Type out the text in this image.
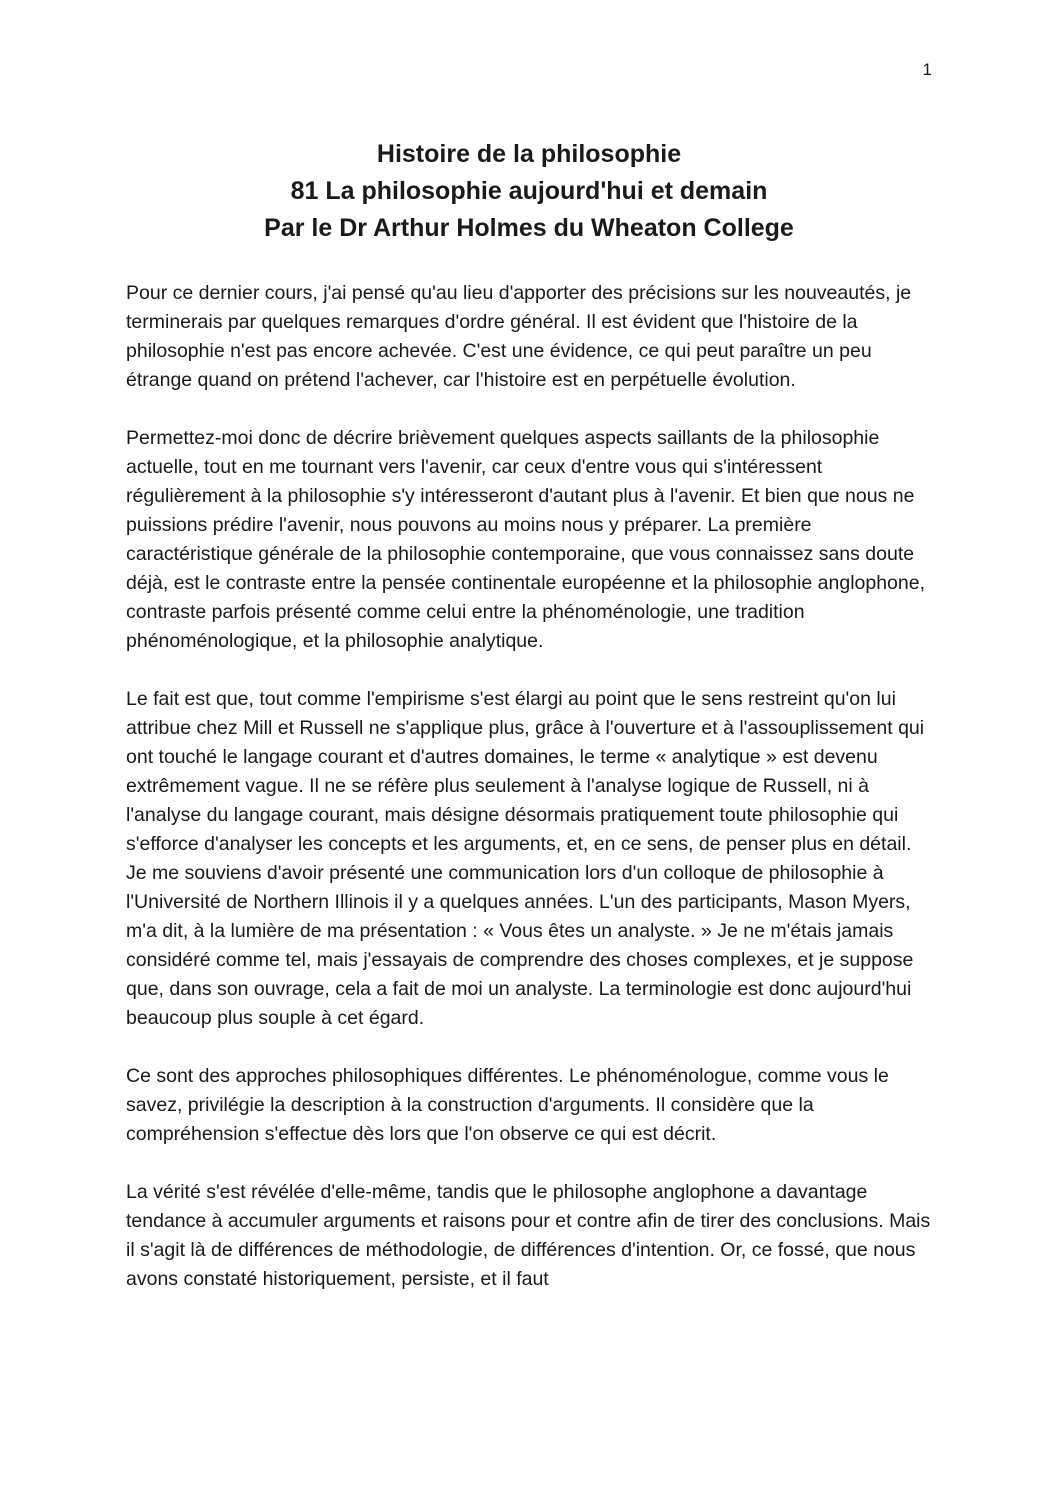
1
Histoire de la philosophie
81 La philosophie aujourd'hui et demain
Par le Dr Arthur Holmes du Wheaton College

Pour ce dernier cours, j'ai pensé qu'au lieu d'apporter des précisions sur les nouveautés, je terminerais par quelques remarques d'ordre général. Il est évident que l'histoire de la philosophie n'est pas encore achevée. C'est une évidence, ce qui peut paraître un peu étrange quand on prétend l'achever, car l'histoire est en perpétuelle évolution.

Permettez-moi donc de décrire brièvement quelques aspects saillants de la philosophie actuelle, tout en me tournant vers l'avenir, car ceux d'entre vous qui s'intéressent régulièrement à la philosophie s'y intéresseront d'autant plus à l'avenir. Et bien que nous ne puissions prédire l'avenir, nous pouvons au moins nous y préparer. La première caractéristique générale de la philosophie contemporaine, que vous connaissez sans doute déjà, est le contraste entre la pensée continentale européenne et la philosophie anglophone, contraste parfois présenté comme celui entre la phénoménologie, une tradition phénoménologique, et la philosophie analytique.

Le fait est que, tout comme l'empirisme s'est élargi au point que le sens restreint qu'on lui attribue chez Mill et Russell ne s'applique plus, grâce à l'ouverture et à l'assouplissement qui ont touché le langage courant et d'autres domaines, le terme « analytique » est devenu extrêmement vague. Il ne se réfère plus seulement à l'analyse logique de Russell, ni à l'analyse du langage courant, mais désigne désormais pratiquement toute philosophie qui s'efforce d'analyser les concepts et les arguments, et, en ce sens, de penser plus en détail. Je me souviens d'avoir présenté une communication lors d'un colloque de philosophie à l'Université de Northern Illinois il y a quelques années. L'un des participants, Mason Myers, m'a dit, à la lumière de ma présentation : « Vous êtes un analyste. » Je ne m'étais jamais considéré comme tel, mais j'essayais de comprendre des choses complexes, et je suppose que, dans son ouvrage, cela a fait de moi un analyste. La terminologie est donc aujourd'hui beaucoup plus souple à cet égard.

Ce sont des approches philosophiques différentes. Le phénoménologue, comme vous le savez, privilégie la description à la construction d'arguments. Il considère que la compréhension s'effectue dès lors que l'on observe ce qui est décrit.

La vérité s'est révélée d'elle-même, tandis que le philosophe anglophone a davantage tendance à accumuler arguments et raisons pour et contre afin de tirer des conclusions. Mais il s'agit là de différences de méthodologie, de différences d'intention. Or, ce fossé, que nous avons constaté historiquement, persiste, et il faut
